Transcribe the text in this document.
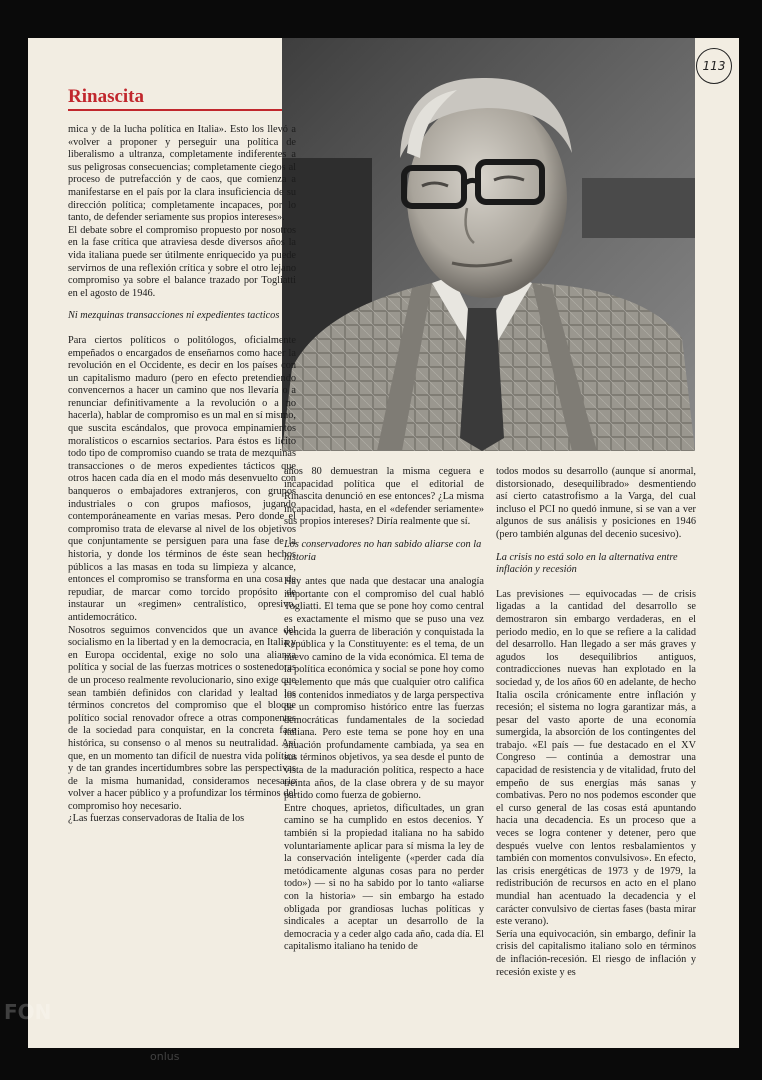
Rinascita
113

mica y de la lucha política en Italia». Esto los llevó a «volver a proponer y perseguir una política de liberalismo a ultranza, completamente indiferentes a sus peligrosas consecuencias; completamente ciegos al proceso de putrefacción y de caos, que comienza a manifestarse en el país por la clara insuficiencia de su dirección política; completamente incapaces, por lo tanto, de defender seriamente sus propios intereses».

El debate sobre el compromiso propuesto por nosotros en la fase crítica que atraviesa desde diversos años la vida italiana puede ser útilmente enriquecido ya puede servirnos de una reflexión crítica y sobre el otro lejano compromiso ya sobre el balance trazado por Togliatti en el agosto de 1946.

Ni mezquinas transacciones ni expedientes tacticos

Para ciertos políticos o politólogos, oficialmente empeñados o encargados de enseñarnos como hacer la revolución en el Occidente, es decir en los países con un capitalismo maduro (pero en efecto pretendiendo convencernos a hacer un camino que nos llevaría o a renunciar definitivamente a la revolución o a no hacerla), hablar de compromiso es un mal en sí mismo, que suscita escándalos, que provoca empinamientos moralísticos o escarnios sectarios. Para éstos es lícito todo tipo de compromiso cuando se trata de mezquinas transacciones o de meros expedientes tácticos que otros hacen cada día en el modo más desenvuelto con banqueros o embajadores extranjeros, con grupos industriales o con grupos mafiosos, jugando contemporáneamente en varias mesas. Pero donde el compromiso trata de elevarse al nivel de los objetivos que conjuntamente se persiguen para una fase de la historia, y donde los términos de éste sean hechos públicos a las masas en toda su limpieza y alcance, entonces el compromiso se transforma en una cosa de repudiar, de marcar como torcido propósito de instaurar un «regimen» centralístico, opresivo, antidemocrático.

Nosotros seguimos convencidos que un avance del socialismo en la libertad y en la democracia, en Italia y en Europa occidental, exige no solo una alianza política y social de las fuerzas motrices o sostenedoras de un proceso realmente revolucionario, sino exige que sean también definidos con claridad y lealtad los términos concretos del compromiso que el bloque político social renovador ofrece a otras componentes de la sociedad para conquistar, en la concreta fase histórica, su consenso o al menos su neutralidad. Así que, en un momento tan difícil de nuestra vida política y de tan grandes incertidumbres sobre las perspectivas de la misma humanidad, consideramos necesario volver a hacer público y a profundizar los términos del compromiso hoy necesario.

¿Las fuerzas conservadoras de Italia de los

años 80 demuestran la misma ceguera e incapacidad política que el editorial de Rinascita denunció en ese entonces? ¿La misma incapacidad, hasta, en el «defender seriamente» sus propios intereses? Diría realmente que sí.

Los conservadores no han sabido aliarse con la historia

Hay antes que nada que destacar una analogía importante con el compromiso del cual habló Togliatti. El tema que se pone hoy como central es exactamente el mismo que se puso una vez vencida la guerra de liberación y conquistada la República y la Constituyente: es el tema, de un nuevo camino de la vida económica. El tema de la política económica y social se pone hoy como el elemento que más que cualquier otro califica los contenidos inmediatos y de larga perspectiva de un compromiso histórico entre las fuerzas democráticas fundamentales de la sociedad italiana. Pero este tema se pone hoy en una situación profundamente cambiada, ya sea en sus términos objetivos, ya sea desde el punto de vista de la maduración política, respecto a hace treinta años, de la clase obrera y de su mayor partido como fuerza de gobierno.

Entre choques, aprietos, dificultades, un gran camino se ha cumplido en estos decenios. Y también si la propiedad italiana no ha sabido voluntariamente aplicar para sí misma la ley de la conservación inteligente («perder cada día metódicamente algunas cosas para no perder todo») — si no ha sabido por lo tanto «aliarse con la historia» — sin embargo ha estado obligada por grandiosas luchas políticas y sindicales a aceptar un desarrollo de la democracia y a ceder algo cada año, cada día. El capitalismo italiano ha tenido de

todos modos su desarrollo (aunque sí anormal, distorsionado, desequilibrado» desmentiendo así cierto catastrofismo a la Varga, del cual incluso el PCI no quedó inmune, si se van a ver algunos de sus análisis y posiciones en 1946 (pero también algunas del decenio sucesivo).

La crisis no está solo en la alternativa entre inflación y recesión

Las previsiones — equivocadas — de crisis ligadas a la cantidad del desarrollo se demostraron sin embargo verdaderas, en el periodo medio, en lo que se refiere a la calidad del desarrollo. Han llegado a ser más graves y agudos los desequilibrios antiguos, contradicciones nuevas han explotado en la sociedad y, de los años 60 en adelante, de hecho Italia oscila crónicamente entre inflación y recesión; el sistema no logra garantizar más, a pesar del vasto aporte de una economía sumergida, la absorción de los contingentes del trabajo. «El país — fue destacado en el XV Congreso — continúa a demostrar una capacidad de resistencia y de vitalidad, fruto del empeño de sus energías más sanas y combativas. Pero no nos podemos esconder que el curso general de las cosas está apuntando hacia una decadencia. Es un proceso que a veces se logra contener y detener, pero que después vuelve con lentos resbalamientos y también con momentos convulsivos». En efecto, las crisis energéticas de 1973 y de 1979, la redistribución de recursos en acto en el plano mundial han acentuado la decadencia y el carácter convulsivo de ciertas fases (basta mirar este verano).

Sería una equivocación, sin embargo, definir la crisis del capitalismo italiano solo en términos de inflación-recesión. El riesgo de inflación y recesión existe y es

FON
onlus
